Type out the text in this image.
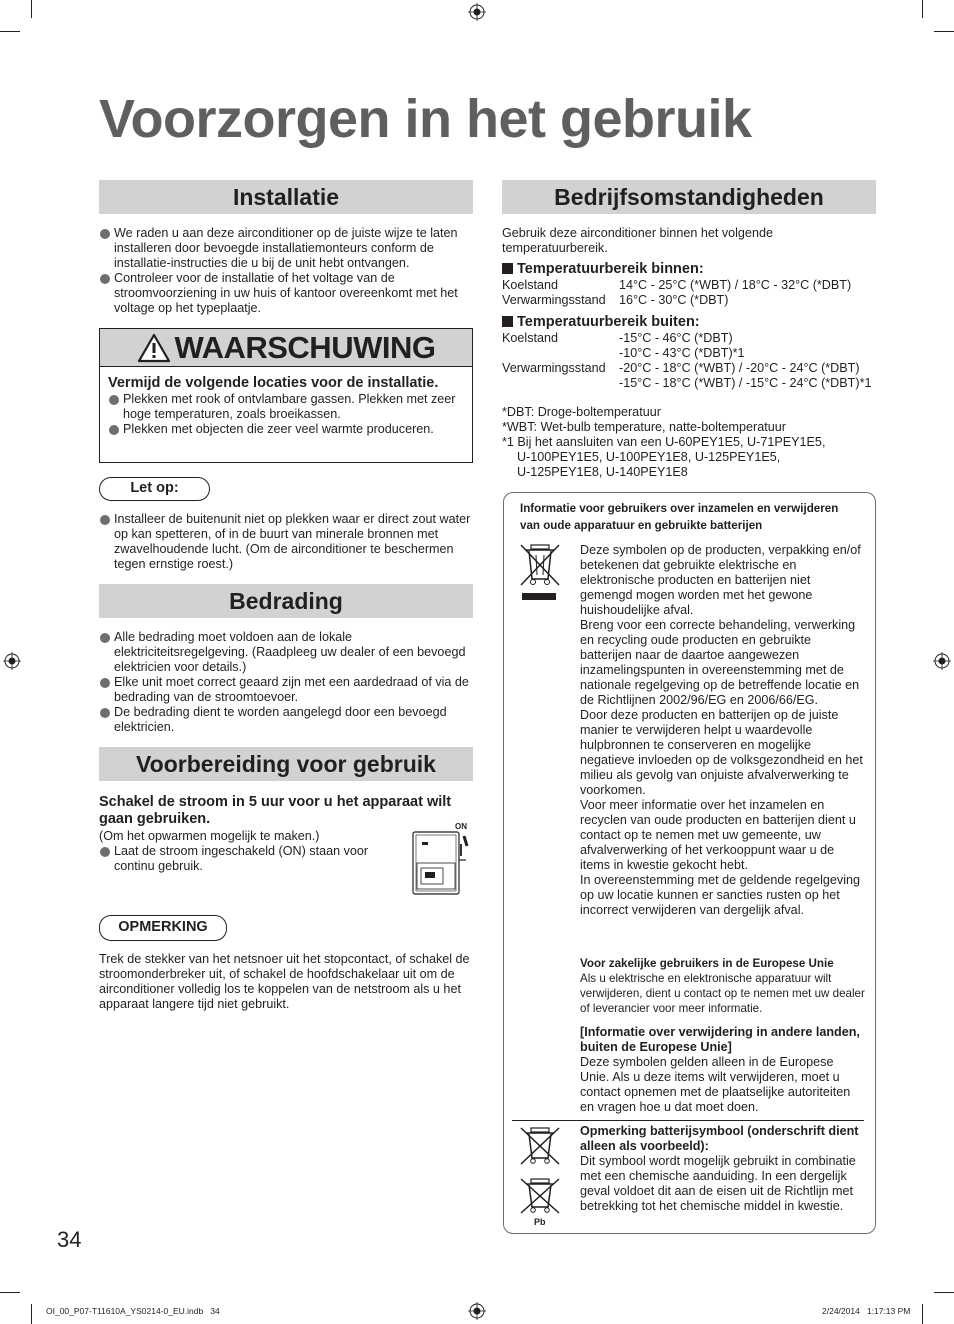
Voorzorgen in het gebruik
Installatie
We raden u aan deze airconditioner op de juiste wijze te laten installeren door bevoegde installatiemonteurs conform de installatie-instructies die u bij de unit hebt ontvangen.
Controleer voor de installatie of het voltage van de stroomvoorziening in uw huis of kantoor overeenkomt met het voltage op het typeplaatje.
WAARSCHUWING
Vermijd de volgende locaties voor de installatie.
Plekken met rook of ontvlambare gassen. Plekken met zeer hoge temperaturen, zoals broeikassen.
Plekken met objecten die zeer veel warmte produceren.
Let op:
Installeer de buitenunit niet op plekken waar er direct zout water op kan spetteren, of in de buurt van minerale bronnen met zwavelhoudende lucht. (Om de airconditioner te beschermen tegen ernstige roest.)
Bedrading
Alle bedrading moet voldoen aan de lokale elektriciteitsregelgeving. (Raadpleeg uw dealer of een bevoegd elektricien voor details.)
Elke unit moet correct geaard zijn met een aardedraad of via de bedrading van de stroomtoevoer.
De bedrading dient te worden aangelegd door een bevoegd elektricien.
Voorbereiding voor gebruik
Schakel de stroom in 5 uur voor u het apparaat wilt gaan gebruiken.
(Om het opwarmen mogelijk te maken.)
Laat de stroom ingeschakeld (ON) staan voor continu gebruik.
ON
OPMERKING
Trek de stekker van het netsnoer uit het stopcontact, of schakel de stroomonderbreker uit, of schakel de hoofdschakelaar uit om de airconditioner volledig los te koppelen van de netstroom als u het apparaat langere tijd niet gebruikt.
34
Bedrijfsomstandigheden
Gebruik deze airconditioner binnen het volgende temperatuurbereik.
Temperatuurbereik binnen:
Koelstand	14°C - 25°C (*WBT) / 18°C - 32°C (*DBT)
Verwarmingsstand	16°C - 30°C (*DBT)
Temperatuurbereik buiten:
Koelstand	-15°C - 46°C (*DBT)
-10°C - 43°C (*DBT)*1
Verwarmingsstand	-20°C - 18°C (*WBT) / -20°C - 24°C (*DBT)
-15°C - 18°C (*WBT) / -15°C - 24°C (*DBT)*1
*DBT: Droge-boltemperatuur
*WBT: Wet-bulb temperature, natte-boltemperatuur
*1 Bij het aansluiten van een U-60PEY1E5, U-71PEY1E5,
U-100PEY1E5, U-100PEY1E8, U-125PEY1E5,
U-125PEY1E8, U-140PEY1E8
Informatie voor gebruikers over inzamelen en verwijderen van oude apparatuur en gebruikte batterijen
Deze symbolen op de producten, verpakking en/of betekenen dat gebruikte elektrische en elektronische producten en batterijen niet gemengd mogen worden met het gewone huishoudelijke afval.
Breng voor een correcte behandeling, verwerking en recycling oude producten en gebruikte batterijen naar de daartoe aangewezen inzamelingspunten in overeenstemming met de nationale regelgeving op de betreffende locatie en de Richtlijnen 2002/96/EG en 2006/66/EG.
Door deze producten en batterijen op de juiste manier te verwijderen helpt u waardevolle hulpbronnen te conserveren en mogelijke negatieve invloeden op de volksgezondheid en het milieu als gevolg van onjuiste afvalverwerking te voorkomen.
Voor meer informatie over het inzamelen en recyclen van oude producten en batterijen dient u contact op te nemen met uw gemeente, uw afvalverwerking of het verkooppunt waar u de items in kwestie gekocht hebt.
In overeenstemming met de geldende regelgeving op uw locatie kunnen er sancties rusten op het incorrect verwijderen van dergelijk afval.
Voor zakelijke gebruikers in de Europese Unie
Als u elektrische en elektronische apparatuur wilt verwijderen, dient u contact op te nemen met uw dealer of leverancier voor meer informatie.
[Informatie over verwijdering in andere landen, buiten de Europese Unie]
Deze symbolen gelden alleen in de Europese Unie. Als u deze items wilt verwijderen, moet u contact opnemen met de plaatselijke autoriteiten en vragen hoe u dat moet doen.
Pb
Opmerking batterijsymbool (onderschrift dient alleen als voorbeeld):
Dit symbool wordt mogelijk gebruikt in combinatie met een chemische aanduiding. In een dergelijk geval voldoet dit aan de eisen uit de Richtlijn met betrekking tot het chemische middel in kwestie.
OI_00_P07-T11610A_YS0214-0_EU.indb   34	2/24/2014   1:17:13 PM
